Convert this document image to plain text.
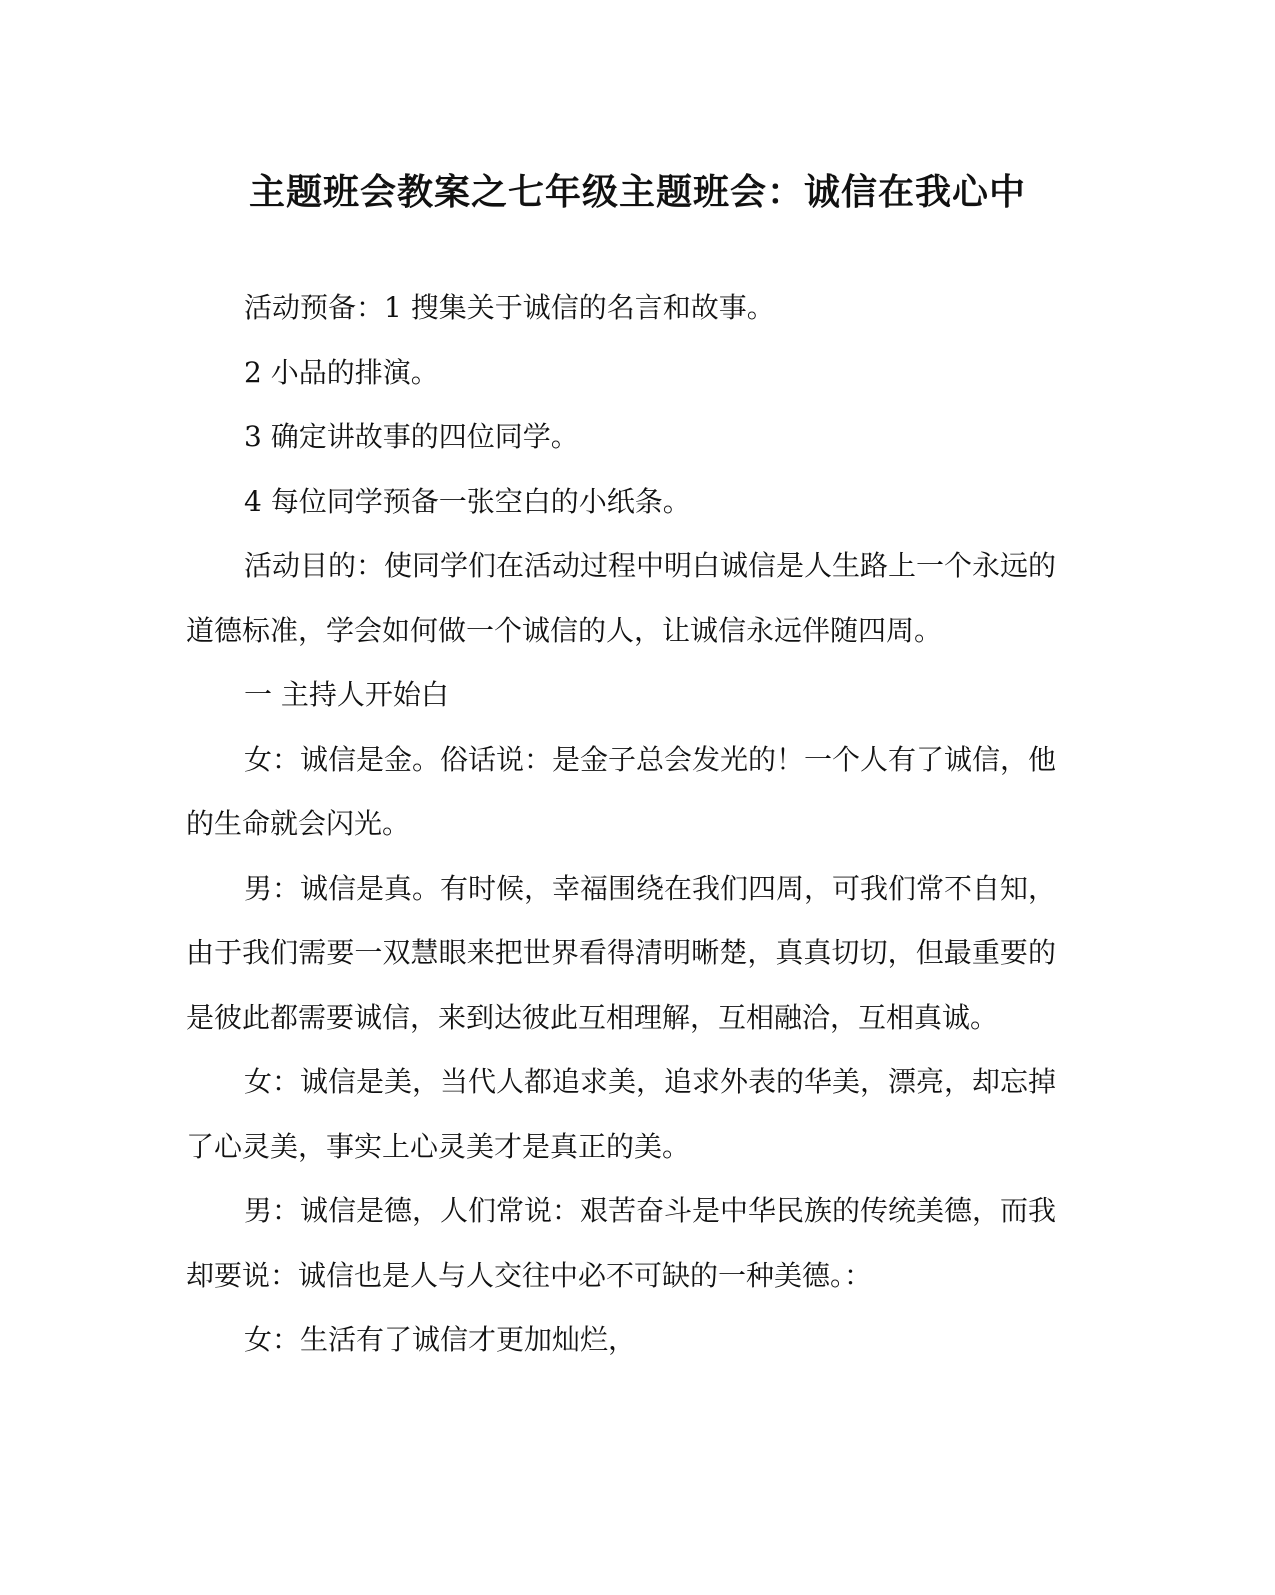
主题班会教案之七年级主题班会：诚信在我心中

活动预备：1 搜集关于诚信的名言和故事。

2 小品的排演。

3 确定讲故事的四位同学。

4 每位同学预备一张空白的小纸条。

活动目的：使同学们在活动过程中明白诚信是人生路上一个永远的道德标准，学会如何做一个诚信的人，让诚信永远伴随四周。

一 主持人开始白

女：诚信是金。俗话说：是金子总会发光的！一个人有了诚信，他的生命就会闪光。

男：诚信是真。有时候，幸福围绕在我们四周，可我们常不自知，由于我们需要一双慧眼来把世界看得清明晰楚，真真切切，但最重要的是彼此都需要诚信，来到达彼此互相理解，互相融洽，互相真诚。

女：诚信是美，当代人都追求美，追求外表的华美，漂亮，却忘掉了心灵美，事实上心灵美才是真正的美。

男：诚信是德，人们常说：艰苦奋斗是中华民族的传统美德，而我却要说：诚信也是人与人交往中必不可缺的一种美德。：

女：生活有了诚信才更加灿烂，
